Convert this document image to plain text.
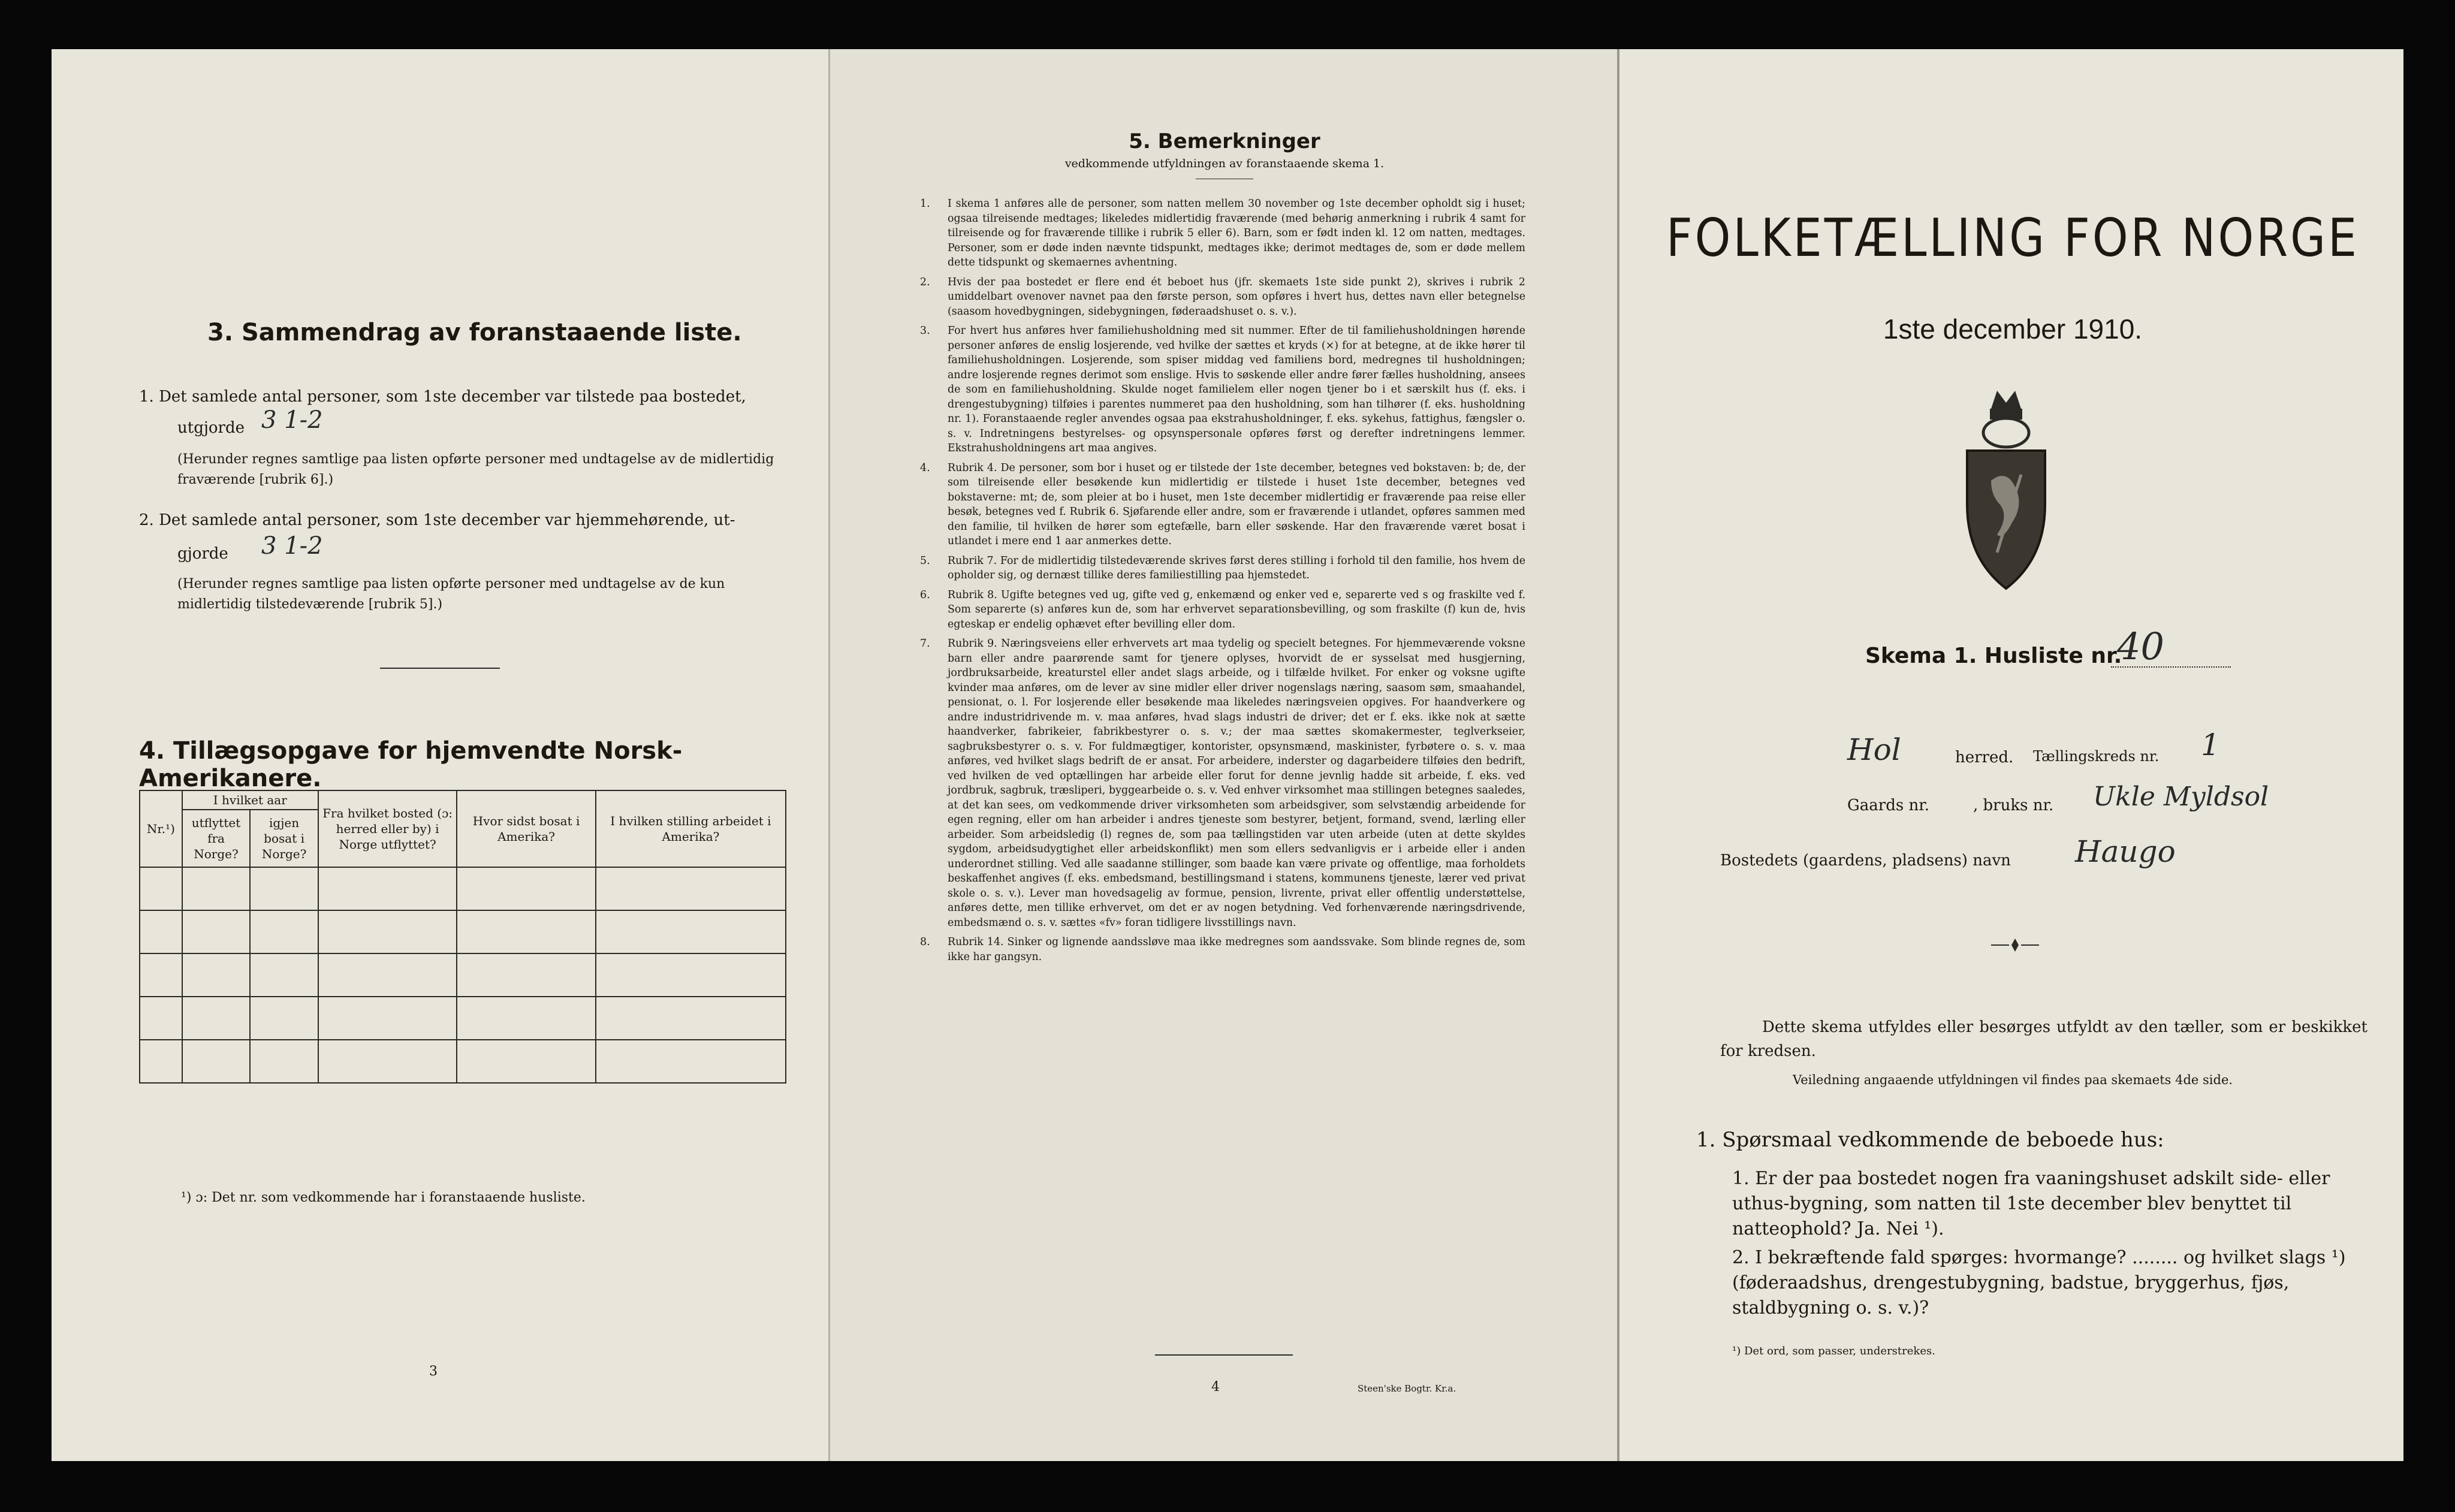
3. Sammendrag av foranstaaende liste.
1. Det samlede antal personer, som 1ste december var tilstede paa bostedet,
utgjorde 3 1-2
(Herunder regnes samtlige paa listen opførte personer med undtagelse av de midlertidig fraværende [rubrik 6].)
2. Det samlede antal personer, som 1ste december var hjemmehørende, ut-
gjorde 3 1-2
(Herunder regnes samtlige paa listen opførte personer med undtagelse av de kun midlertidig tilstedeværende [rubrik 5].)
4. Tillægsopgave for hjemvendte Norsk-Amerikanere.
Nr.¹)	I hvilket aar		Fra hvilket bosted (ɔ: herred eller by) i Norge utflyttet?	Hvor sidst bosat i Amerika?	I hvilken stilling arbeidet i Amerika?
	utflyttet fra Norge?	igjen bosat i Norge?			

¹) ɔ: Det nr. som vedkommende har i foranstaaende husliste.
3
5. Bemerkninger
vedkommende utfyldningen av foranstaaende skema 1.
1.	I skema 1 anføres alle de personer, som natten mellem 30 november og 1ste december opholdt sig i huset; ogsaa tilreisende medtages; likeledes midlertidig fraværende (med behørig anmerkning i rubrik 4 samt for tilreisende og for fraværende tillike i rubrik 5 eller 6). Barn, som er født inden kl. 12 om natten, medtages. Personer, som er døde inden nævnte tidspunkt, medtages ikke; derimot medtages de, som er døde mellem dette tidspunkt og skemaernes avhentning.
2.	Hvis der paa bostedet er flere end ét beboet hus (jfr. skemaets 1ste side punkt 2), skrives i rubrik 2 umiddelbart ovenover navnet paa den første person, som opføres i hvert hus, dettes navn eller betegnelse (saasom hovedbygningen, sidebygningen, føderaadshuset o. s. v.).
3.	For hvert hus anføres hver familiehusholdning med sit nummer. Efter de til familiehusholdningen hørende personer anføres de enslig losjerende, ved hvilke der sættes et kryds (×) for at betegne, at de ikke hører til familiehusholdningen. Losjerende, som spiser middag ved familiens bord, medregnes til husholdningen; andre losjerende regnes derimot som enslige. Hvis to søskende eller andre fører fælles husholdning, ansees de som en familiehusholdning. Skulde noget familielem eller nogen tjener bo i et særskilt hus (f. eks. i drengestubygning) tilføies i parentes nummeret paa den husholdning, som han tilhører (f. eks. husholdning nr. 1). Foranstaaende regler anvendes ogsaa paa ekstrahusholdninger, f. eks. sykehus, fattighus, fængsler o. s. v. Indretningens bestyrelses- og opsynspersonale opføres først og derefter indretningens lemmer. Ekstrahusholdningens art maa angives.
4.	Rubrik 4. De personer, som bor i huset og er tilstede der 1ste december, betegnes ved bokstaven: b; de, der som tilreisende eller besøkende kun midlertidig er tilstede i huset 1ste december, betegnes ved bokstaverne: mt; de, som pleier at bo i huset, men 1ste december midlertidig er fraværende paa reise eller besøk, betegnes ved f. Rubrik 6. Sjøfarende eller andre, som er fraværende i utlandet, opføres sammen med den familie, til hvilken de hører som egtefælle, barn eller søskende. Har den fraværende været bosat i utlandet i mere end 1 aar anmerkes dette.
5.	Rubrik 7. For de midlertidig tilstedeværende skrives først deres stilling i forhold til den familie, hos hvem de opholder sig, og dernæst tillike deres familiestilling paa hjemstedet.
6.	Rubrik 8. Ugifte betegnes ved ug, gifte ved g, enkemænd og enker ved e, separerte ved s og fraskilte ved f. Som separerte (s) anføres kun de, som har erhvervet separationsbevilling, og som fraskilte (f) kun de, hvis egteskap er endelig ophævet efter bevilling eller dom.
7.	Rubrik 9. Næringsveiens eller erhvervets art maa tydelig og specielt betegnes. For hjemmeværende voksne barn eller andre paarørende samt for tjenere oplyses, hvorvidt de er sysselsat med husgjerning, jordbruksarbeide, kreaturstel eller andet slags arbeide, og i tilfælde hvilket. For enker og voksne ugifte kvinder maa anføres, om de lever av sine midler eller driver nogenslags næring, saasom søm, smaahandel, pensionat, o. l. For losjerende eller besøkende maa likeledes næringsveien opgives. For haandverkere og andre industridrivende m. v. maa anføres, hvad slags industri de driver; det er f. eks. ikke nok at sætte haandverker, fabrikeier, fabrikbestyrer o. s. v.; der maa sættes skomakermester, teglverkseier, sagbruksbestyrer o. s. v. For fuldmægtiger, kontorister, opsynsmænd, maskinister, fyrbøtere o. s. v. maa anføres, ved hvilket slags bedrift de er ansat. For arbeidere, inderster og dagarbeidere tilføies den bedrift, ved hvilken de ved optællingen har arbeide eller forut for denne jevnlig hadde sit arbeide, f. eks. ved jordbruk, sagbruk, træsliperi, byggearbeide o. s. v. Ved enhver virksomhet maa stillingen betegnes saaledes, at det kan sees, om vedkommende driver virksomheten som arbeidsgiver, som selvstændig arbeidende for egen regning, eller om han arbeider i andres tjeneste som bestyrer, betjent, formand, svend, lærling eller arbeider. Som arbeidsledig (l) regnes de, som paa tællingstiden var uten arbeide (uten at dette skyldes sygdom, arbeidsudygtighet eller arbeidskonflikt) men som ellers sedvanligvis er i arbeide eller i anden underordnet stilling. Ved alle saadanne stillinger, som baade kan være private og offentlige, maa forholdets beskaffenhet angives (f. eks. embedsmand, bestillingsmand i statens, kommunens tjeneste, lærer ved privat skole o. s. v.). Lever man hovedsagelig av formue, pension, livrente, privat eller offentlig understøttelse, anføres dette, men tillike erhvervet, om det er av nogen betydning. Ved forhenværende næringsdrivende, embedsmænd o. s. v. sættes «fv» foran tidligere livsstillings navn.
8.	Rubrik 14. Sinker og lignende aandssløve maa ikke medregnes som aandssvake. Som blinde regnes de, som ikke har gangsyn.
4	Steen'ske Bogtr. Kr.a.
FOLKETÆLLING FOR NORGE
1ste december 1910.
Skema 1. Husliste nr.
40
Hol	herred. Tællingskreds nr. 1
Gaards nr.	, bruks nr. Ukle Myldsol
Bostedets (gaardens, pladsens) navn Haugo
Dette skema utfyldes eller besørges utfyldt av den tæller, som er beskikket for kredsen.
Veiledning angaaende utfyldningen vil findes paa skemaets 4de side.
1. Spørsmaal vedkommende de beboede hus:
1. Er der paa bostedet nogen fra vaaningshuset adskilt side- eller uthus-bygning, som natten til 1ste december blev benyttet til natteophold? Ja. Nei ¹).
2. I bekræftende fald spørges: hvormange? ........ og hvilket slags ¹) (føderaadshus, drengestubygning, badstue, bryggerhus, fjøs, staldbygning o. s. v.)?
¹) Det ord, som passer, understrekes.
